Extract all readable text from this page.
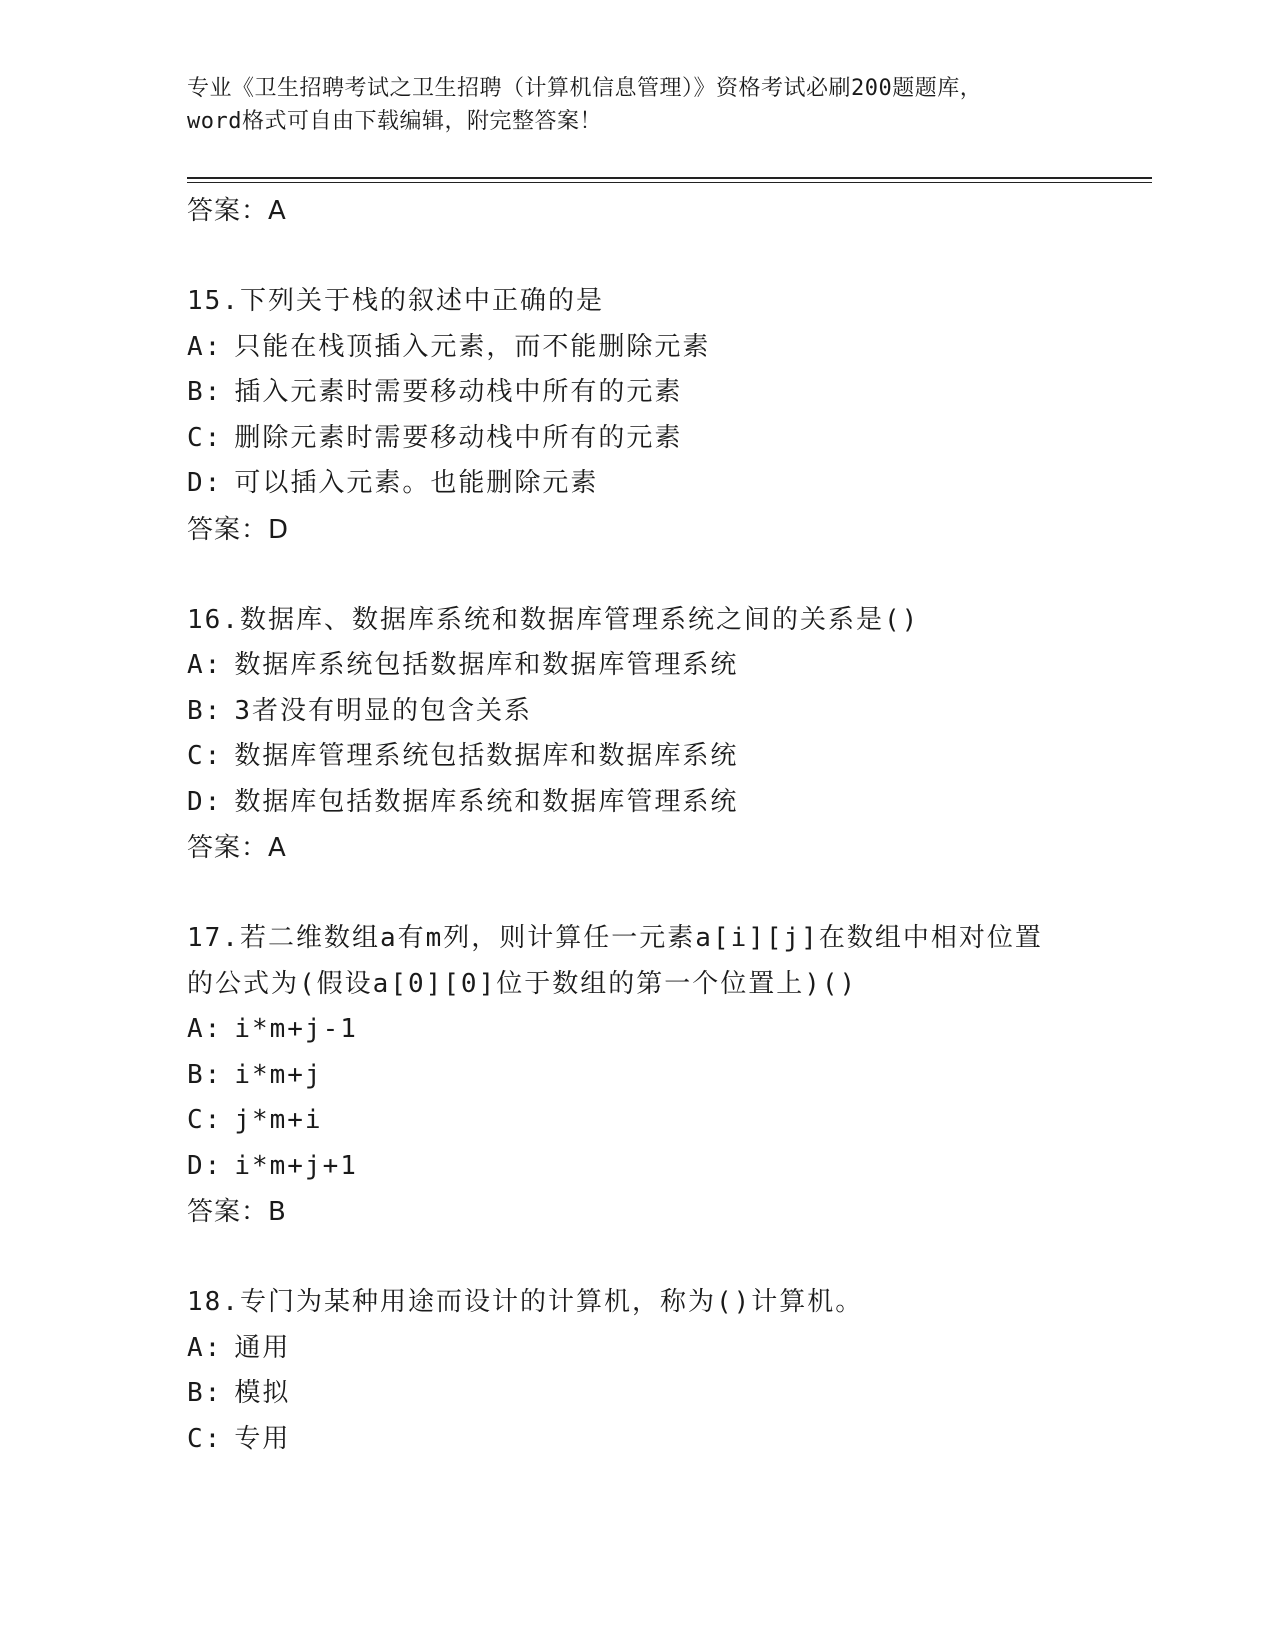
专业《卫生招聘考试之卫生招聘（计算机信息管理）》资格考试必刷200题题库，
word格式可自由下载编辑，附完整答案！
答案：A
15.下列关于栈的叙述中正确的是
A: 只能在栈顶插入元素，而不能删除元素
B: 插入元素时需要移动栈中所有的元素
C: 删除元素时需要移动栈中所有的元素
D: 可以插入元素。也能删除元素
答案：D
16.数据库、数据库系统和数据库管理系统之间的关系是()
A: 数据库系统包括数据库和数据库管理系统
B: 3者没有明显的包含关系
C: 数据库管理系统包括数据库和数据库系统
D: 数据库包括数据库系统和数据库管理系统
答案：A
17.若二维数组a有m列，则计算任一元素a[i][j]在数组中相对位置的公式为(假设a[0][0]位于数组的第一个位置上)()
A: i*m+j-1
B: i*m+j
C: j*m+i
D: i*m+j+1
答案：B
18.专门为某种用途而设计的计算机，称为()计算机。
A: 通用
B: 模拟
C: 专用
